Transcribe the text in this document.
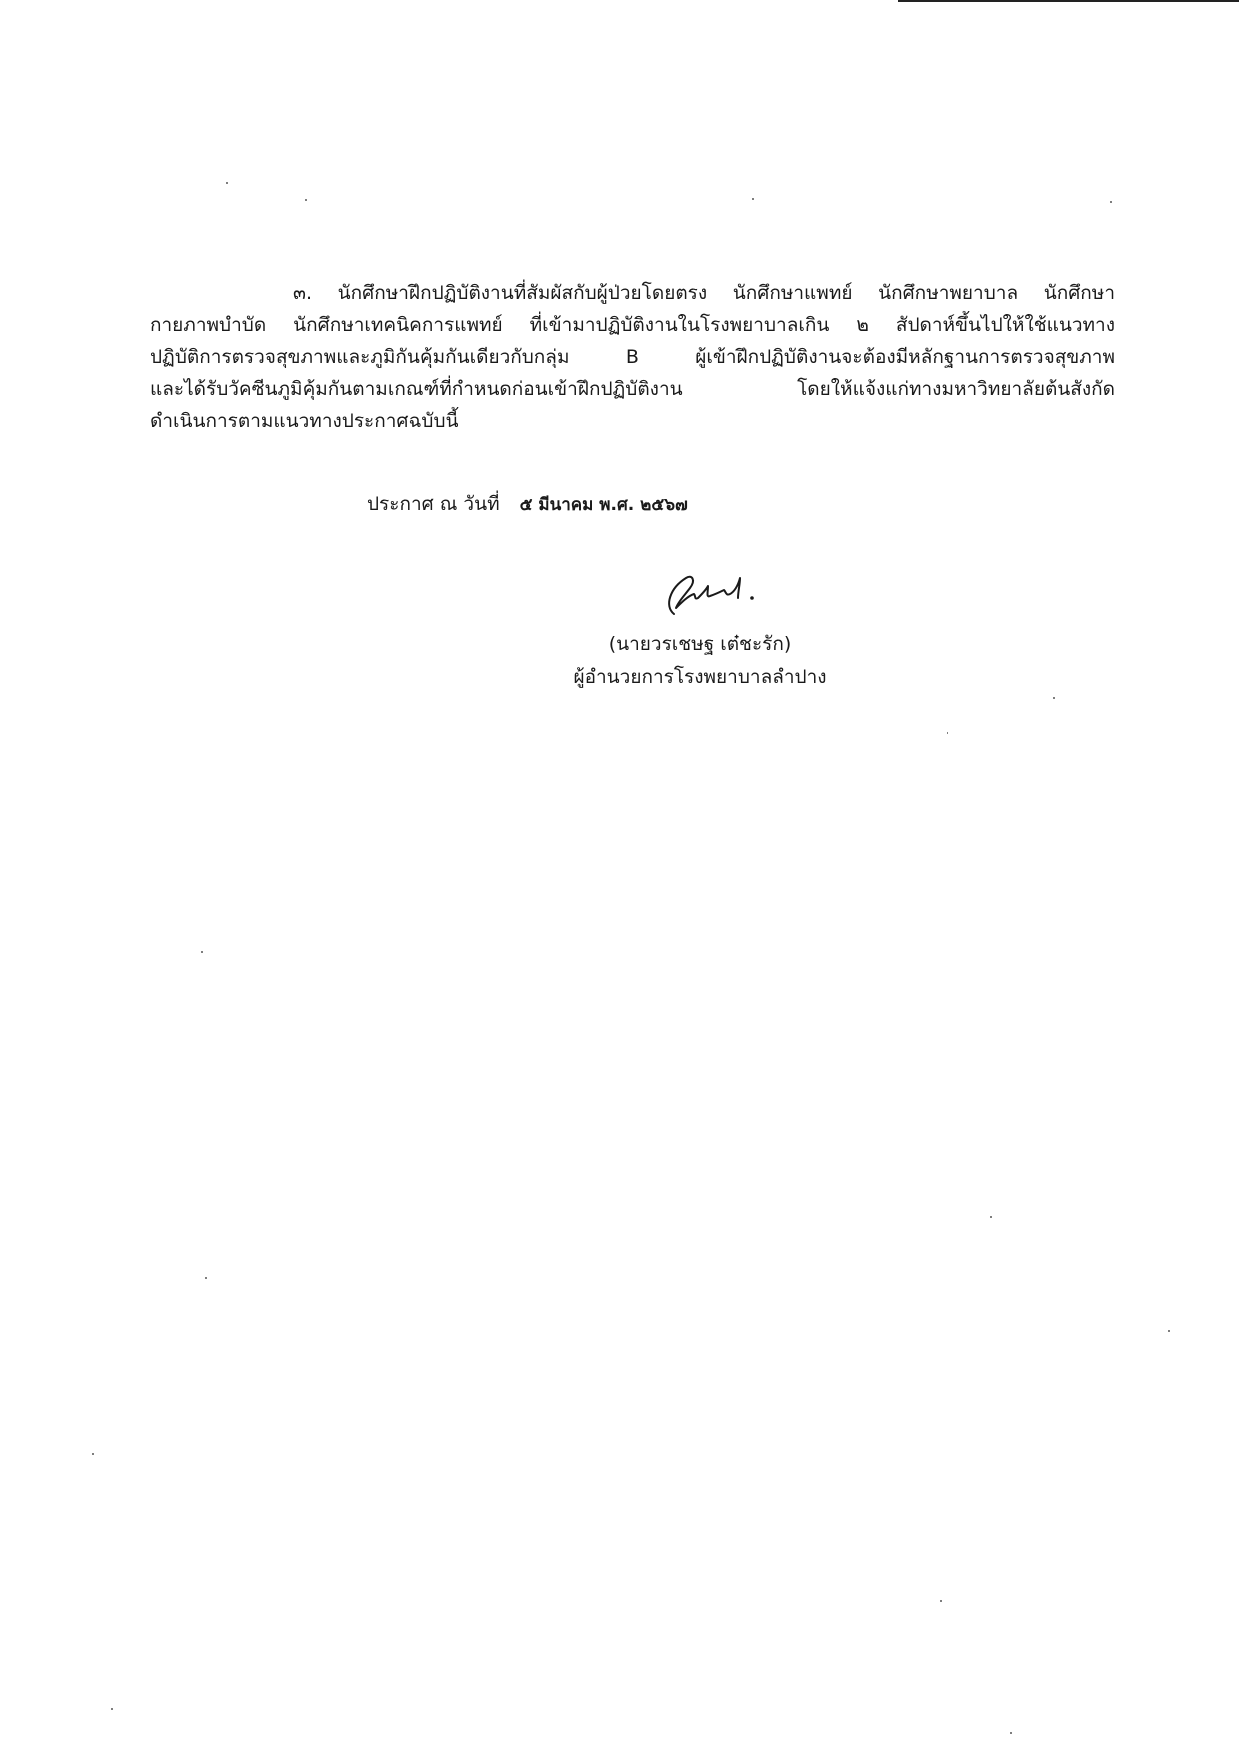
๓. นักศึกษาฝึกปฏิบัติงานที่สัมผัสกับผู้ป่วยโดยตรง นักศึกษาแพทย์ นักศึกษาพยาบาล นักศึกษา
กายภาพบำบัด นักศึกษาเทคนิคการแพทย์ ที่เข้ามาปฏิบัติงานในโรงพยาบาลเกิน ๒ สัปดาห์ขึ้นไปให้ใช้แนวทาง
ปฏิบัติการตรวจสุขภาพและภูมิกันคุ้มกันเดียวกับกลุ่ม B ผู้เข้าฝึกปฏิบัติงานจะต้องมีหลักฐานการตรวจสุขภาพ
และได้รับวัคซีนภูมิคุ้มกันตามเกณฑ์ที่กำหนดก่อนเข้าฝึกปฏิบัติงาน โดยให้แจ้งแก่ทางมหาวิทยาลัยต้นสังกัด
ดำเนินการตามแนวทางประกาศฉบับนี้
ประกาศ ณ วันที่ ๕ มีนาคม พ.ศ. ๒๕๖๗
(นายวรเชษฐ เต๋ชะรัก)
ผู้อำนวยการโรงพยาบาลลำปาง
